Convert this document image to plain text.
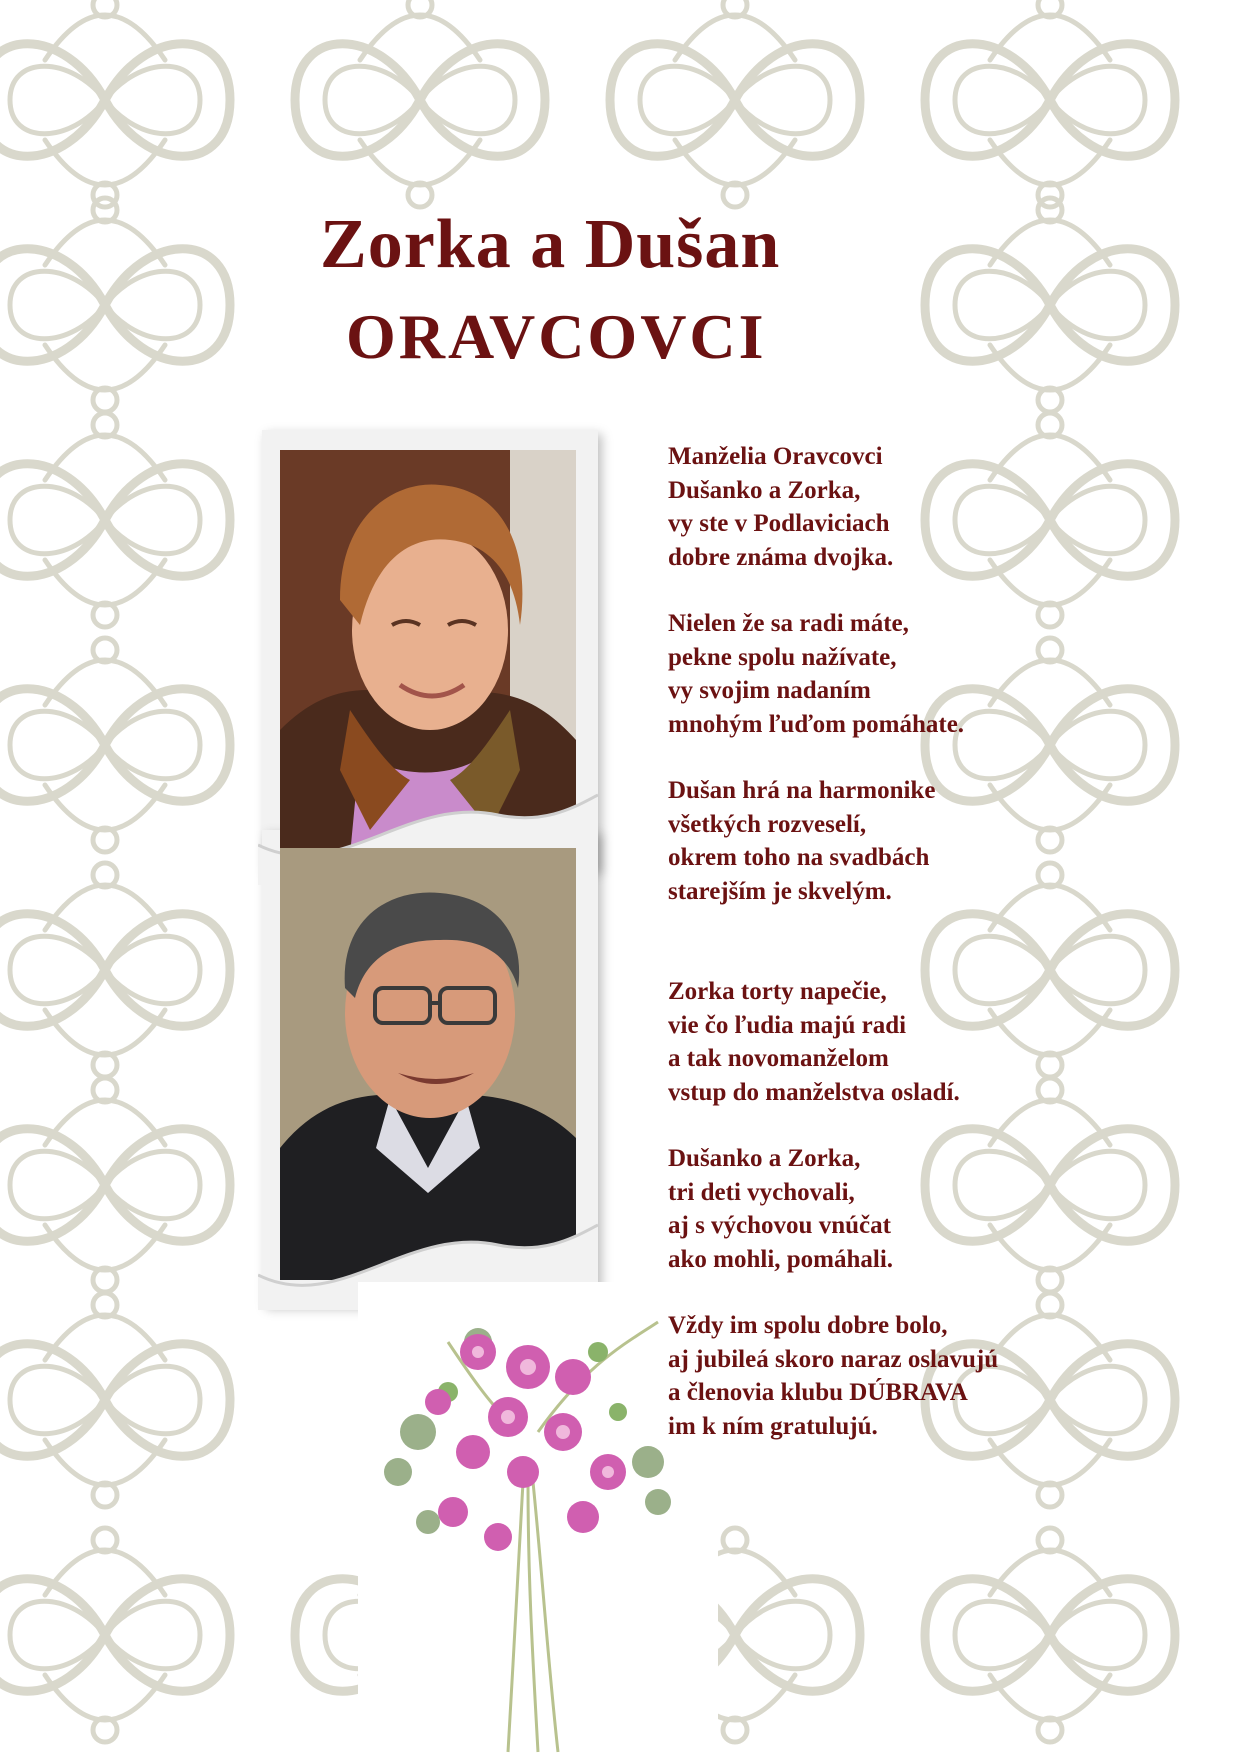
Zorka a Dušan
ORAVCOVCI

Manželia Oravcovci

Dušanko a Zorka,

vy ste v Podlaviciach

dobre známa dvojka.

Nielen že sa radi máte,

pekne spolu nažívate,

vy svojim nadaním

mnohým ľuďom pomáhate.

Dušan hrá na harmonike

všetkých rozveselí,

okrem toho na svadbách

starejším je skvelým.

Zorka torty napečie,

vie čo ľudia majú radi

a tak novomanželom

vstup do manželstva osladí.

Dušanko a Zorka,

tri deti vychovali,

aj s výchovou vnúčat

ako mohli, pomáhali.

Vždy im spolu dobre bolo,

aj jubileá skoro naraz oslavujú

a členovia klubu DÚBRAVA

im k ním gratulujú.
